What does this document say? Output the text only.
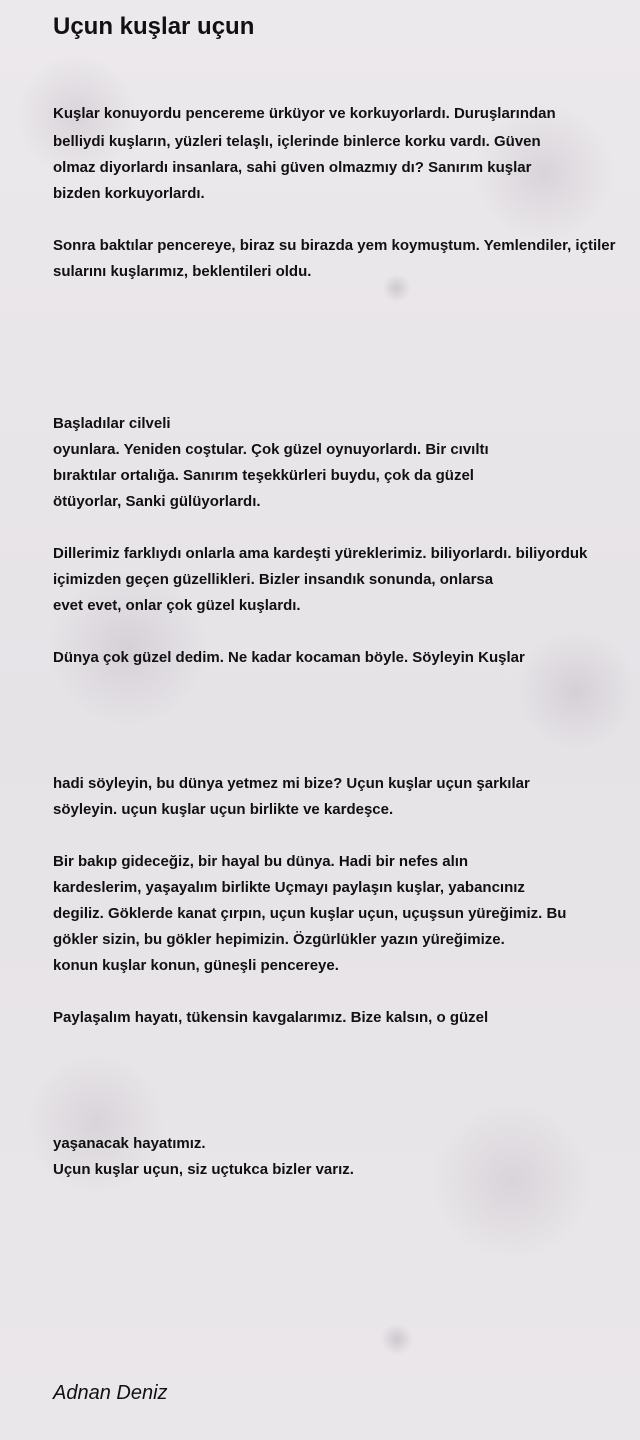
Uçun kuşlar uçun

Kuşlar konuyordu pencereme ürküyor ve korkuyorlardı. Duruşlarından

belliydi kuşların, yüzleri telaşlı, içlerinde binlerce korku vardı. Güven

olmaz diyorlardı insanlara, sahi güven olmazmıy dı? Sanırım kuşlar

bizden korkuyorlardı.

Sonra baktılar pencereye, biraz su birazda yem koymuştum. Yemlendiler, içtiler

sularını kuşlarımız, beklentileri oldu.

Başladılar cilveli

oyunlara. Yeniden coştular. Çok güzel oynuyorlardı. Bir cıvıltı

bıraktılar ortalığa. Sanırım teşekkürleri buydu, çok da güzel

ötüyorlar, Sanki gülüyorlardı.

Dillerimiz farklıydı onlarla ama kardeşti yüreklerimiz. biliyorlardı. biliyorduk

içimizden geçen güzellikleri. Bizler insandık sonunda, onlarsa

evet evet, onlar çok güzel kuşlardı.

Dünya çok güzel dedim. Ne kadar kocaman böyle. Söyleyin Kuşlar

hadi söyleyin, bu dünya yetmez mi bize? Uçun kuşlar uçun şarkılar

söyleyin. uçun kuşlar uçun birlikte ve kardeşce.

Bir bakıp gideceğiz, bir hayal bu dünya. Hadi bir nefes alın

kardeslerim, yaşayalım birlikte Uçmayı paylaşın kuşlar, yabancınız

degiliz. Göklerde kanat çırpın, uçun kuşlar uçun, uçuşsun yüreğimiz. Bu

gökler sizin, bu gökler hepimizin. Özgürlükler yazın yüreğimize.

konun kuşlar konun, güneşli pencereye.

Paylaşalım hayatı, tükensin kavgalarımız. Bize kalsın, o güzel

yaşanacak hayatımız.

Uçun kuşlar uçun, siz uçtukca bizler varız.

Adnan Deniz
